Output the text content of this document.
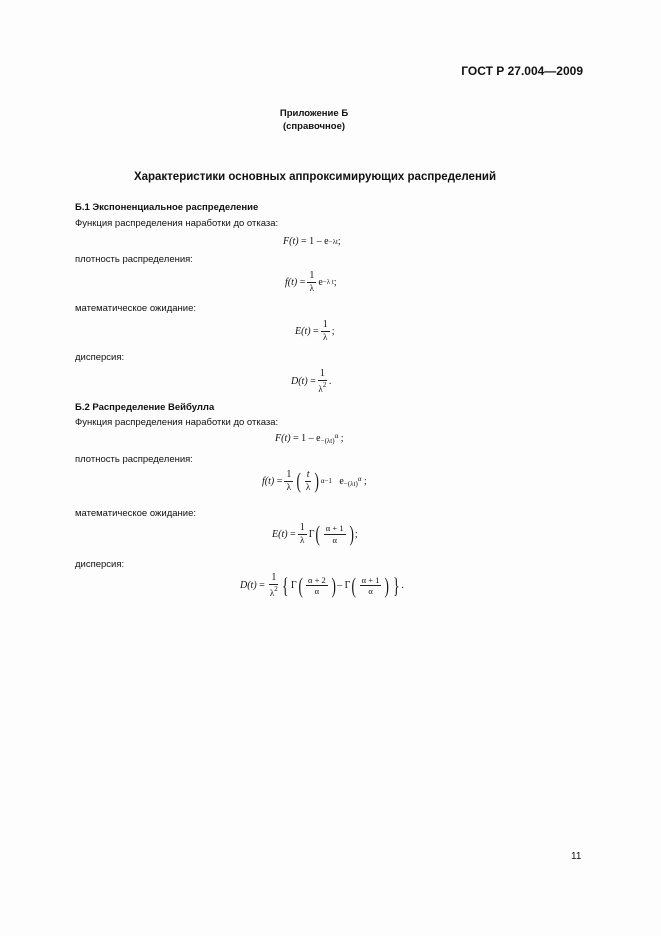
ГОСТ Р 27.004—2009
Приложение Б
(справочное)
Характеристики основных аппроксимирующих распределений
Б.1 Экспоненциальное распределение
Функция распределения наработки до отказа:
F(t)
= 1 – e −λt ;
плотность распределения:
f(t)
= $\frac{1}{\lambda}$ e −λ t ;
математическое ожидание:
E(t)
= $\frac{1}{\lambda}$ ;
дисперсия:
D(t)
= $\frac{1}{\lambda^2}$ .
Б.2 Распределение Вейбулла
Функция распределения наработки до отказа:
F(t)
= $1 - e -(\lambda t)^\alpha$
;
плотность распределения:
f(t)
= $\frac{1}{\lambda}$ ( $\frac{t}{\lambda}$ ) α−1
$e -(\lambda t)^\alpha$
;
математическое ожидание:
E(t)
= $\frac{1}{\lambda}$ Γ ( $\frac{\alpha + 1}{\alpha}$ ) ;
дисперсия:
D(t)
=
$\frac{1}{\lambda^2}$ { Γ ( $\frac{\alpha + 2}{\alpha}$ ) –
Γ ( $\frac{\alpha + 1}{\alpha}$ ) } .
11
